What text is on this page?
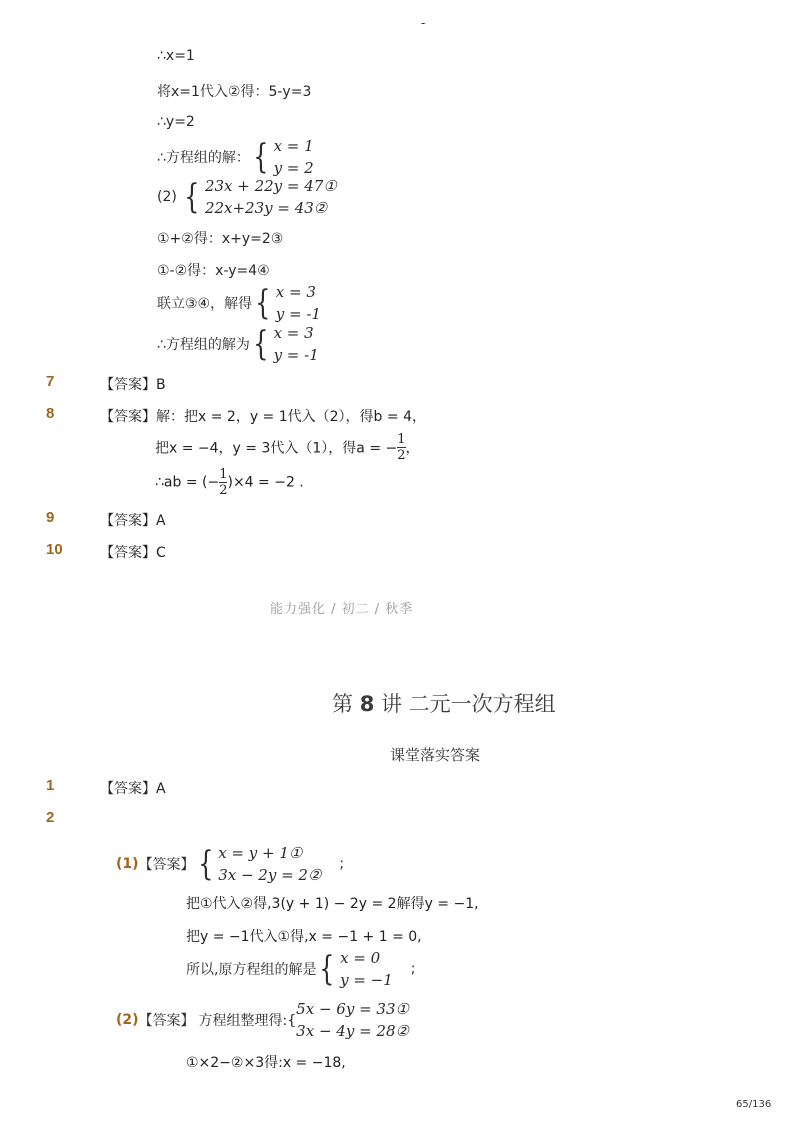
-
∴x=1
将x=1代入②得：5-y=3
∴y=2
∴方程组的解： { x = 1
y = 2
(2) { 23x + 22y = 47①
22x+23y = 43②
①+②得：x+y=2③
①-②得：x-y=4④
联立③④，解得 { x = 3
y = -1
∴方程组的解为 { x = 3
y = -1
7	【答案】B
8	【答案】解：把x = 2，y = 1代入（2），得b = 4，
把x = −4，y = 3代入（1），得a = − $\frac{1}{2}$ ，
∴ab = (− $\frac{1}{2} )\times 4 = -2$ .
9	【答案】A
10	【答案】C
能力强化 / 初二 / 秋季
第 8 讲 二元一次方程组
课堂落实答案
1	【答案】A
2
(1)【答案】 { x = y + 1①
3x − 2y = 2②
;
把①代入②得,3(y + 1) − 2y = 2解得y = −1,
把y = −1代入①得,x = −1 + 1 = 0,
所以,原方程组的解是 { x = 0
y = −1
;
(2)【答案】 方程组整理得:{
5x − 6y = 33①
3x − 4y = 28②
①×2−②×3得:x = −18,
65/136
